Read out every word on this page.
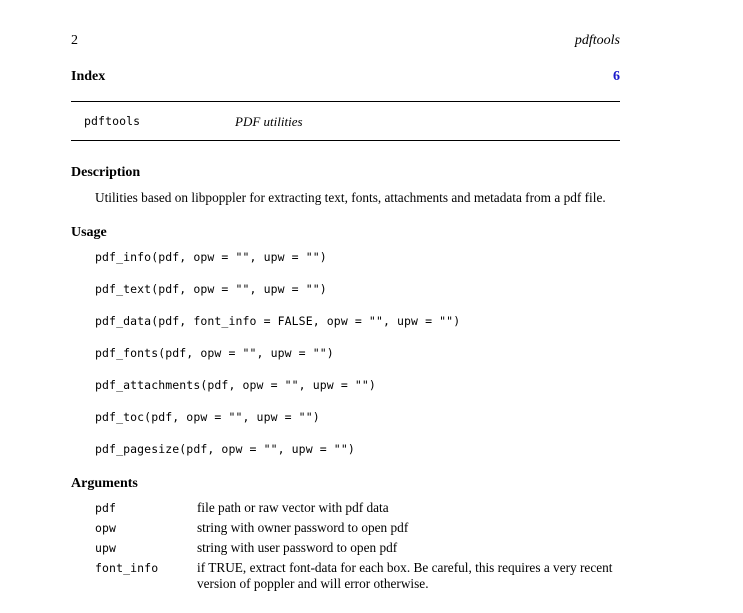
2	pdftools
Index	6
pdftools	PDF utilities
Description
Utilities based on libpoppler for extracting text, fonts, attachments and metadata from a pdf file.
Usage
pdf_info(pdf, opw = "", upw = "")
pdf_text(pdf, opw = "", upw = "")
pdf_data(pdf, font_info = FALSE, opw = "", upw = "")
pdf_fonts(pdf, opw = "", upw = "")
pdf_attachments(pdf, opw = "", upw = "")
pdf_toc(pdf, opw = "", upw = "")
pdf_pagesize(pdf, opw = "", upw = "")
Arguments
pdf	file path or raw vector with pdf data
opw	string with owner password to open pdf
upw	string with user password to open pdf
font_info	if TRUE, extract font-data for each box. Be careful, this requires a very recent version of poppler and will error otherwise.
